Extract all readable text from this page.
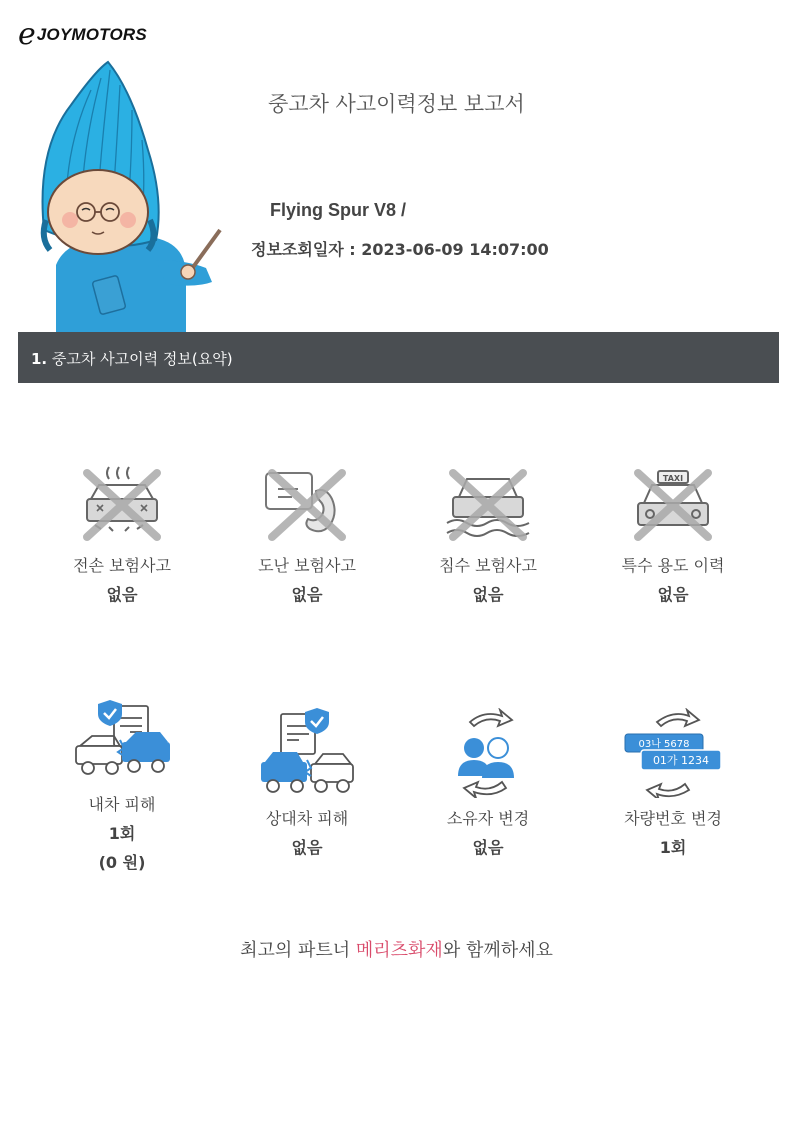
e JOYMOTORS
중고차 사고이력정보 보고서
Flying Spur V8 /
정보조회일자 : 2023-06-09 14:07:00
1. 중고차 사고이력 정보(요약)
전손 보험사고
없음
도난 보험사고
없음
침수 보험사고
없음
TAXI
특수 용도 이력
없음
내차 피해
1회
(0 원)
상대차 피해
없음
소유자 변경
없음
03나 5678
01가 1234
차량번호 변경
1회
최고의 파트너 메리츠화재와 함께하세요
